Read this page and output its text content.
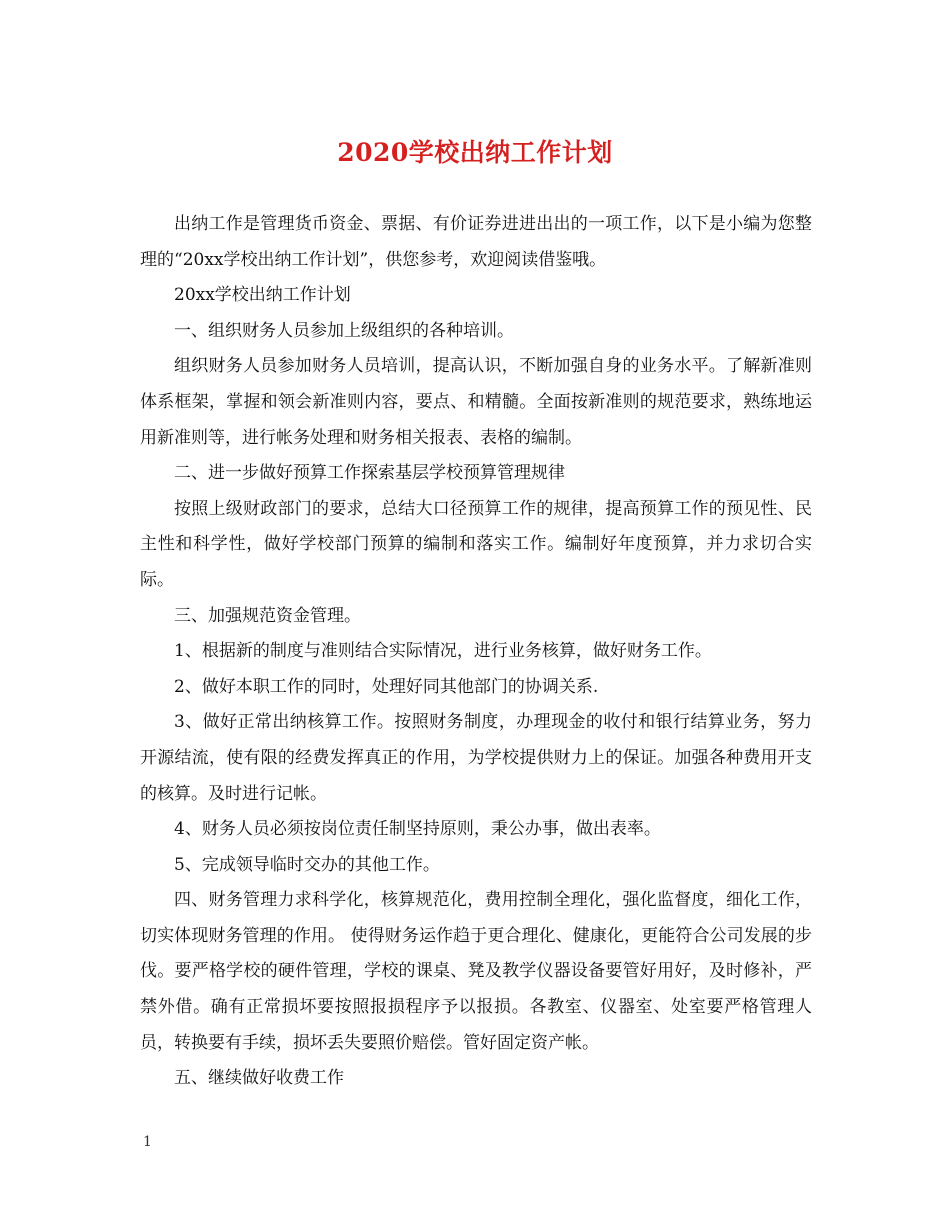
2020学校出纳工作计划

出纳工作是管理货币资金、票据、有价证券进进出出的一项工作，以下是小编为您整理的“20xx学校出纳工作计划”，供您参考，欢迎阅读借鉴哦。

20xx学校出纳工作计划

一、组织财务人员参加上级组织的各种培训。

组织财务人员参加财务人员培训，提高认识，不断加强自身的业务水平。了解新准则体系框架，掌握和领会新准则内容，要点、和精髓。全面按新准则的规范要求，熟练地运用新准则等，进行帐务处理和财务相关报表、表格的编制。

二、进一步做好预算工作探索基层学校预算管理规律

按照上级财政部门的要求，总结大口径预算工作的规律，提高预算工作的预见性、民主性和科学性，做好学校部门预算的编制和落实工作。编制好年度预算，并力求切合实际。

三、加强规范资金管理。

1、根据新的制度与准则结合实际情况，进行业务核算，做好财务工作。

2、做好本职工作的同时，处理好同其他部门的协调关系.

3、做好正常出纳核算工作。按照财务制度，办理现金的收付和银行结算业务，努力开源结流，使有限的经费发挥真正的作用，为学校提供财力上的保证。加强各种费用开支的核算。及时进行记帐。

4、财务人员必须按岗位责任制坚持原则，秉公办事，做出表率。

5、完成领导临时交办的其他工作。

四、财务管理力求科学化，核算规范化，费用控制全理化，强化监督度，细化工作，切实体现财务管理的作用。 使得财务运作趋于更合理化、健康化，更能符合公司发展的步伐。要严格学校的硬件管理，学校的课桌、凳及教学仪器设备要管好用好，及时修补，严禁外借。确有正常损坏要按照报损程序予以报损。各教室、仪器室、处室要严格管理人员，转换要有手续，损坏丢失要照价赔偿。管好固定资产帐。

五、继续做好收费工作

1
